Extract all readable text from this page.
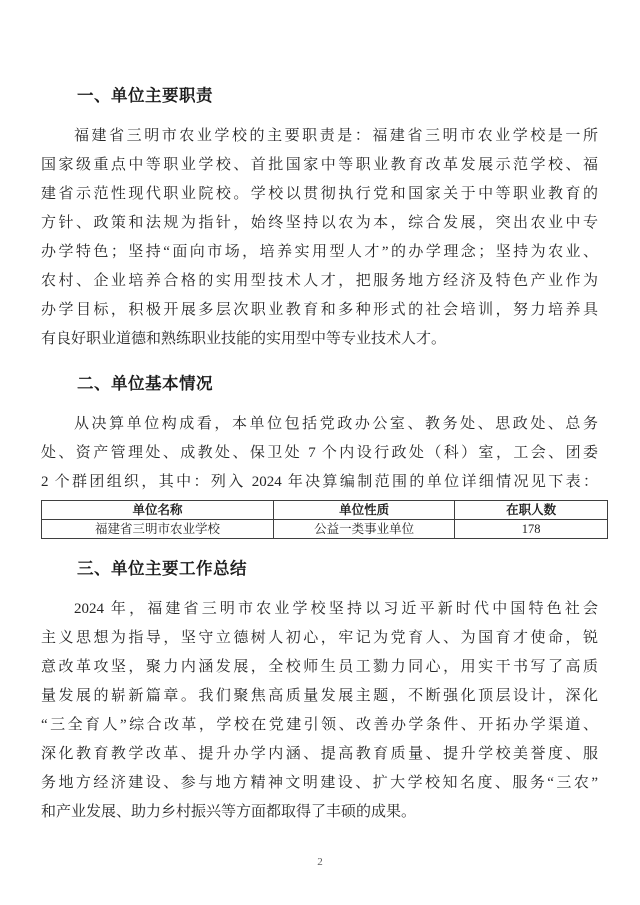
一、单位主要职责
福建省三明市农业学校的主要职责是：福建省三明市农业学校是一所
国家级重点中等职业学校、首批国家中等职业教育改革发展示范学校、福
建省示范性现代职业院校。学校以贯彻执行党和国家关于中等职业教育的
方针、政策和法规为指针，始终坚持以农为本，综合发展，突出农业中专
办学特色；坚持“面向市场，培养实用型人才”的办学理念；坚持为农业、
农村、企业培养合格的实用型技术人才，把服务地方经济及特色产业作为
办学目标，积极开展多层次职业教育和多种形式的社会培训，努力培养具
有良好职业道德和熟练职业技能的实用型中等专业技术人才。
二、单位基本情况
从决算单位构成看，本单位包括党政办公室、教务处、思政处、总务
处、资产管理处、成教处、保卫处 7 个内设行政处（科）室，工会、团委
2 个群团组织，其中：列入 2024 年决算编制范围的单位详细情况见下表：
单位名称	单位性质	在职人数
福建省三明市农业学校	公益一类事业单位	178
三、单位主要工作总结
2024 年，福建省三明市农业学校坚持以习近平新时代中国特色社会
主义思想为指导，坚守立德树人初心，牢记为党育人、为国育才使命，锐
意改革攻坚，聚力内涵发展，全校师生员工勠力同心，用实干书写了高质
量发展的崭新篇章。我们聚焦高质量发展主题，不断强化顶层设计，深化
“三全育人”综合改革，学校在党建引领、改善办学条件、开拓办学渠道、
深化教育教学改革、提升办学内涵、提高教育质量、提升学校美誉度、服
务地方经济建设、参与地方精神文明建设、扩大学校知名度、服务“三农”
和产业发展、助力乡村振兴等方面都取得了丰硕的成果。
2
